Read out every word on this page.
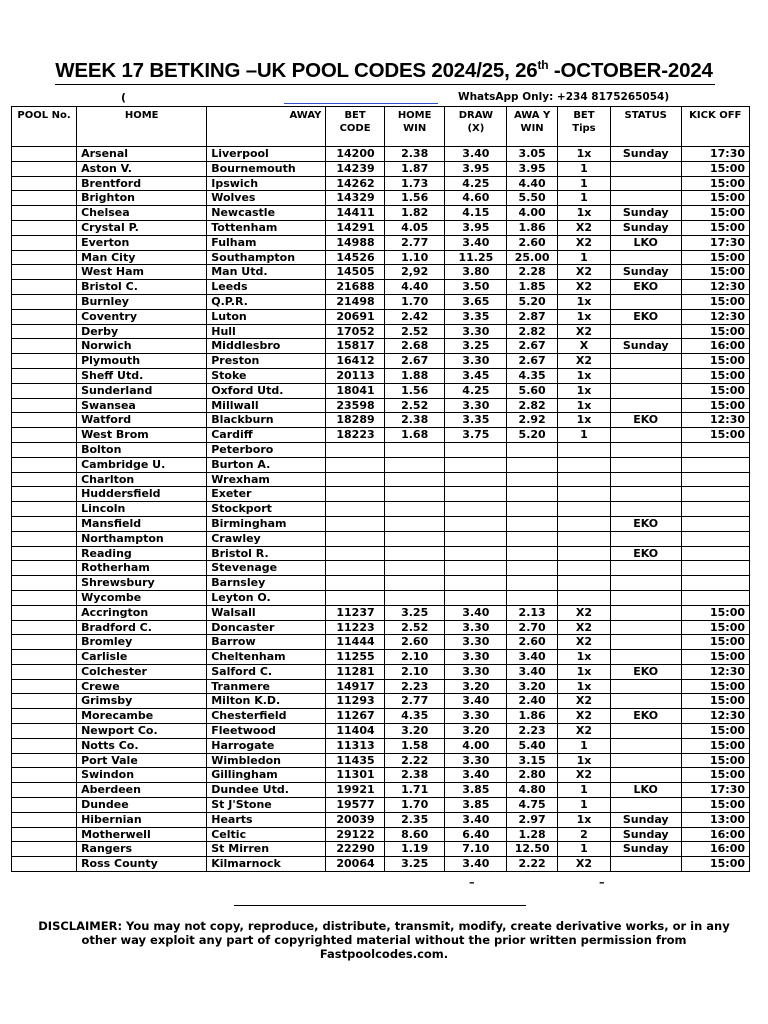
WEEK 17 BETKING –UK POOL CODES 2024/25, 26th -OCTOBER-2024
(	WhatsApp Only: +234 8175265054)
POOL No.	HOME	AWAY	BET CODE	HOME WIN	DRAW (X)	AWA Y WIN	BET Tips	STATUS	KICK OFF
	Arsenal	Liverpool	14200	2.38	3.40	3.05	1x	Sunday	17:30
	Aston V.	Bournemouth	14239	1.87	3.95	3.95	1		15:00
	Brentford	Ipswich	14262	1.73	4.25	4.40	1		15:00
	Brighton	Wolves	14329	1.56	4.60	5.50	1		15:00
	Chelsea	Newcastle	14411	1.82	4.15	4.00	1x	Sunday	15:00
	Crystal P.	Tottenham	14291	4.05	3.95	1.86	X2	Sunday	15:00
	Everton	Fulham	14988	2.77	3.40	2.60	X2	LKO	17:30
	Man City	Southampton	14526	1.10	11.25	25.00	1		15:00
	West Ham	Man Utd.	14505	2,92	3.80	2.28	X2	Sunday	15:00
	Bristol C.	Leeds	21688	4.40	3.50	1.85	X2	EKO	12:30
	Burnley	Q.P.R.	21498	1.70	3.65	5.20	1x		15:00
	Coventry	Luton	20691	2.42	3.35	2.87	1x	EKO	12:30
	Derby	Hull	17052	2.52	3.30	2.82	X2		15:00
	Norwich	Middlesbro	15817	2.68	3.25	2.67	X	Sunday	16:00
	Plymouth	Preston	16412	2.67	3.30	2.67	X2		15:00
	Sheff Utd.	Stoke	20113	1.88	3.45	4.35	1x		15:00
	Sunderland	Oxford Utd.	18041	1.56	4.25	5.60	1x		15:00
	Swansea	Millwall	23598	2.52	3.30	2.82	1x		15:00
	Watford	Blackburn	18289	2.38	3.35	2.92	1x	EKO	12:30
	West Brom	Cardiff	18223	1.68	3.75	5.20	1		15:00
	Bolton	Peterboro							
	Cambridge U.	Burton A.							
	Charlton	Wrexham							
	Huddersfield	Exeter							
	Lincoln	Stockport							
	Mansfield	Birmingham						EKO	
	Northampton	Crawley							
	Reading	Bristol R.						EKO	
	Rotherham	Stevenage							
	Shrewsbury	Barnsley							
	Wycombe	Leyton O.							
	Accrington	Walsall	11237	3.25	3.40	2.13	X2		15:00
	Bradford C.	Doncaster	11223	2.52	3.30	2.70	X2		15:00
	Bromley	Barrow	11444	2.60	3.30	2.60	X2		15:00
	Carlisle	Cheltenham	11255	2.10	3.30	3.40	1x		15:00
	Colchester	Salford C.	11281	2.10	3.30	3.40	1x	EKO	12:30
	Crewe	Tranmere	14917	2.23	3.20	3.20	1x		15:00
	Grimsby	Milton K.D.	11293	2.77	3.40	2.40	X2		15:00
	Morecambe	Chesterfield	11267	4.35	3.30	1.86	X2	EKO	12:30
	Newport Co.	Fleetwood	11404	3.20	3.20	2.23	X2		15:00
	Notts Co.	Harrogate	11313	1.58	4.00	5.40	1		15:00
	Port Vale	Wimbledon	11435	2.22	3.30	3.15	1x		15:00
	Swindon	Gillingham	11301	2.38	3.40	2.80	X2		15:00
	Aberdeen	Dundee Utd.	19921	1.71	3.85	4.80	1	LKO	17:30
	Dundee	St J'Stone	19577	1.70	3.85	4.75	1		15:00
	Hibernian	Hearts	20039	2.35	3.40	2.97	1x	Sunday	13:00
	Motherwell	Celtic	29122	8.60	6.40	1.28	2	Sunday	16:00
	Rangers	St Mirren	22290	1.19	7.10	12.50	1	Sunday	16:00
	Ross County	Kilmarnock	20064	3.25	3.40	2.22	X2		15:00
–	–
DISCLAIMER: You may not copy, reproduce, distribute, transmit, modify, create derivative works, or in any other way exploit any part of copyrighted material without the prior written permission from Fastpoolcodes.com.
